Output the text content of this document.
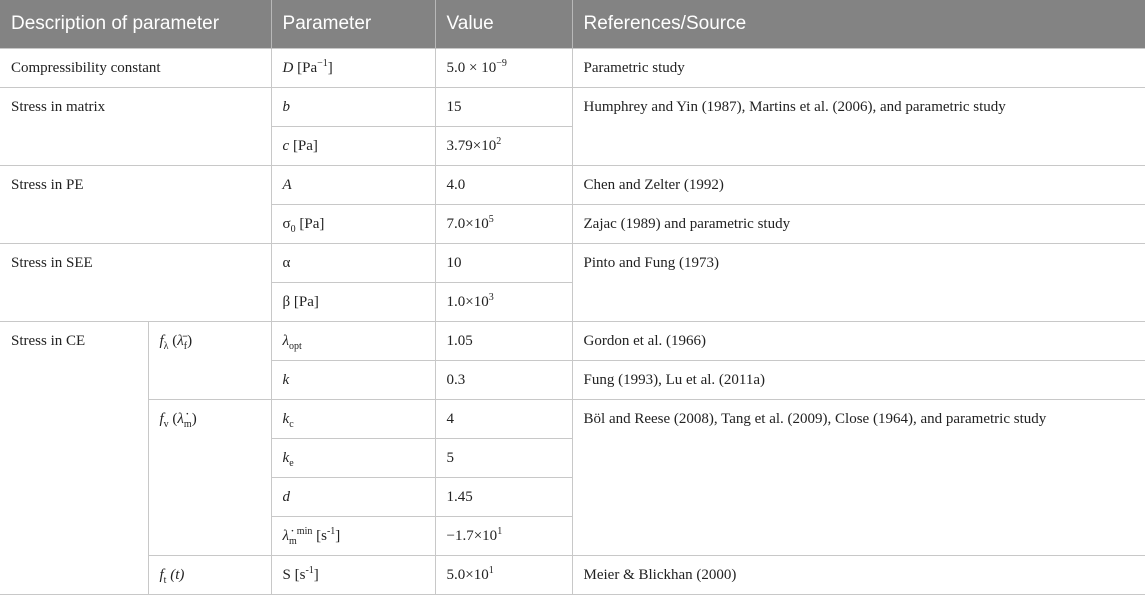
Description of parameter		Parameter	Value	References/Source
Compressibility constant		D $[Pa^{-1}]$	$5.0 \times 10^{-9}$	Parametric study
Stress in matrix		b	15	Humphrey and Yin (1987), Martins et al. (2006), and parametric study
		c [Pa]	$3.79\times 10^2$
Stress in PE		A	4.0	Chen and Zelter (1992)
		$\sigma_0$ [Pa]	$7.0\times 10^5$	Zajac (1989) and parametric study
Stress in SEE		α	10	Pinto and Fung (1973)
		β [Pa]	$1.0\times 10^3$
Stress in CE	$f_\lambda$ $(\lambdā_f)$	$\lambda_{opt}$	1.05	Gordon et al. (1966)
		k	0.3	Fung (1993), Lu et al. (2011a)
	$f_v$ $(\lambdȧ_m)$	$k_c$	4	Böl and Reese (2008), Tang et al. (2009), Close (1964), and parametric study
		$k_e$	5	
		d	1.45	
		$\lambdȧ_m^{min}$ $[s^{-1}]$	$-1.7\times 10^1$
	$f_t$ (t)	S $[s^{-1}]$	$5.0\times 10^1$	Meier & Blickhan (2000)
